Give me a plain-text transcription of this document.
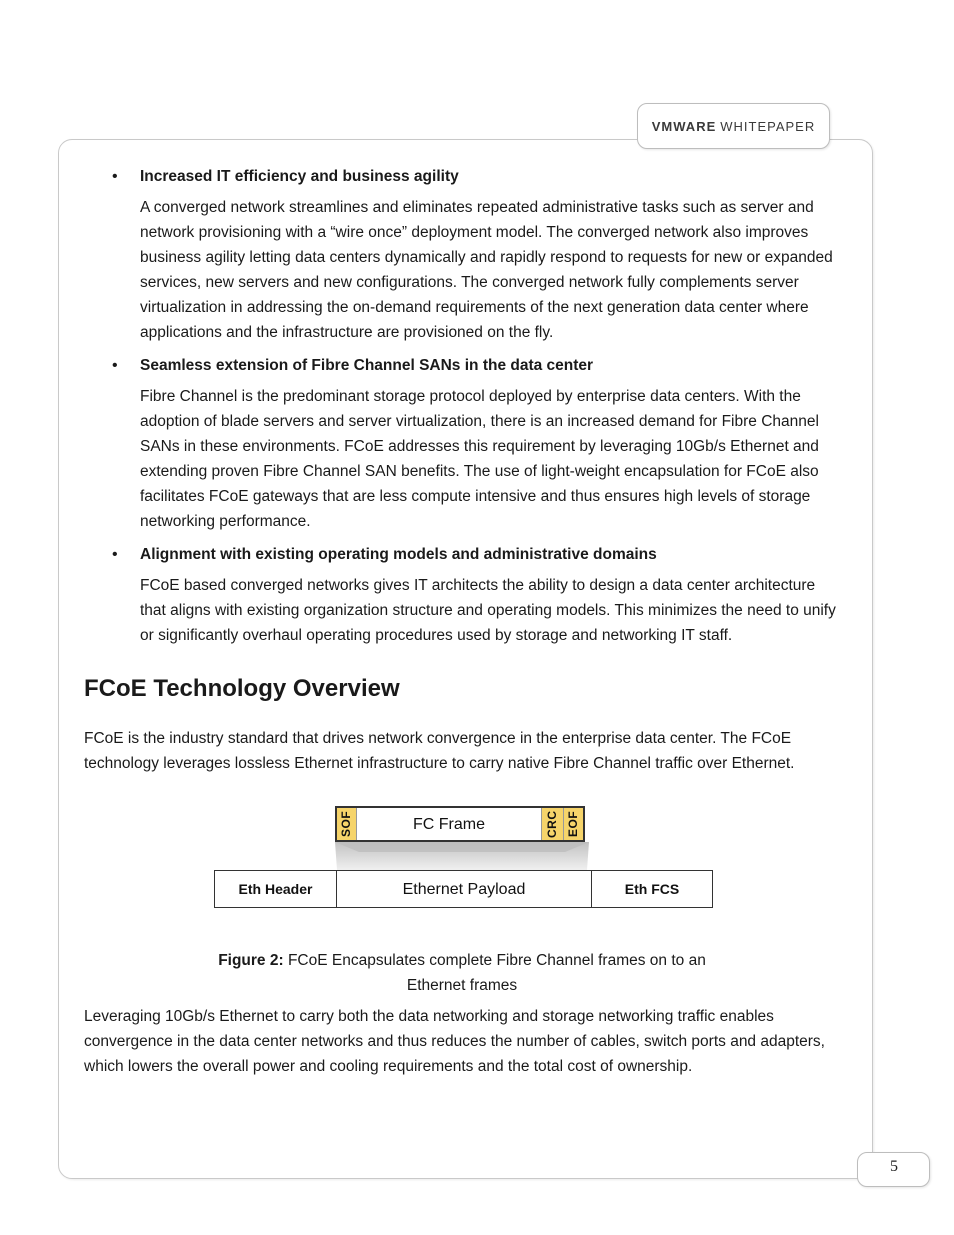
VMWARE WHITEPAPER
• Increased IT efficiency and business agility

A converged network streamlines and eliminates repeated administrative tasks such as server and network provisioning with a “wire once” deployment model. The converged network also improves business agility letting data centers dynamically and rapidly respond to requests for new or expanded services, new servers and new configurations. The converged network fully complements server virtualization in addressing the on-demand requirements of the next generation data center where applications and the infrastructure are provisioned on the fly.

• Seamless extension of Fibre Channel SANs in the data center

Fibre Channel is the predominant storage protocol deployed by enterprise data centers. With the adoption of blade servers and server virtualization, there is an increased demand for Fibre Channel SANs in these environments. FCoE addresses this requirement by leveraging 10Gb/s Ethernet and extending proven Fibre Channel SAN benefits. The use of light-weight encapsulation for FCoE also facilitates FCoE gateways that are less compute intensive and thus ensures high levels of storage networking performance.

• Alignment with existing operating models and administrative domains

FCoE based converged networks gives IT architects the ability to design a data center architecture that aligns with existing organization structure and operating models. This minimizes the need to unify or significantly overhaul operating procedures used by storage and networking IT staff.

FCoE Technology Overview

FCoE is the industry standard that drives network convergence in the enterprise data center. The FCoE technology leverages lossless Ethernet infrastructure to carry native Fibre Channel traffic over Ethernet.

SOF	FC Frame	CRC EOF
Eth Header	Ethernet Payload	Eth FCS

Figure 2: FCoE Encapsulates complete Fibre Channel frames on to an Ethernet frames

Leveraging 10Gb/s Ethernet to carry both the data networking and storage networking traffic enables convergence in the data center networks and thus reduces the number of cables, switch ports and adapters, which lowers the overall power and cooling requirements and the total cost of ownership.

5
